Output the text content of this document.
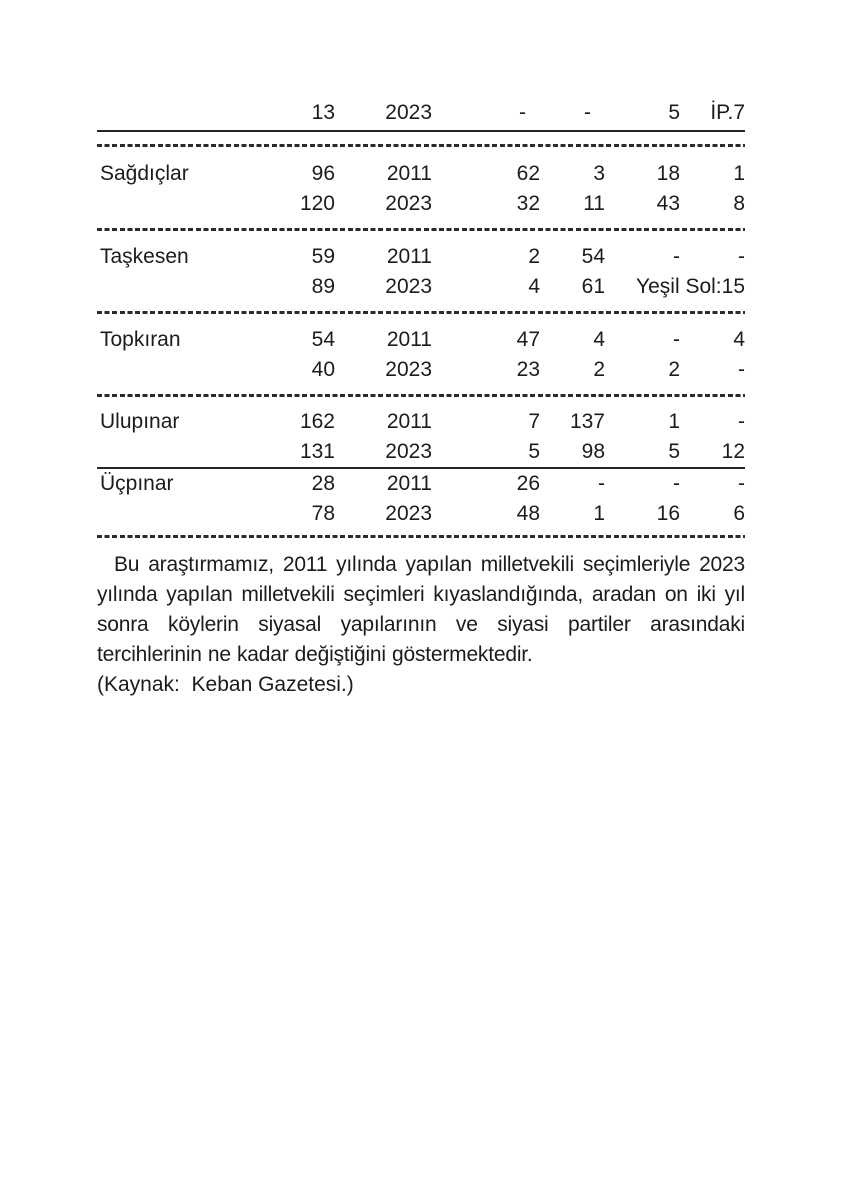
13	2023	-	-	5	İP.7
Sağdıçlar	96	2011	62	3	18	1
120	2023	32	11	43	8
Taşkesen	59	2011	2	54	-	-
89	2023	4	61	Yeşil Sol:15
Topkıran	54	2011	47	4	-	4
40	2023	23	2	2	-
Ulupınar	162	2011	7	137	1	-
131	2023	5	98	5	12
Üçpınar	28	2011	26	-	-	-
78	2023	48	1	16	6

Bu araştırmamız, 2011 yılında yapılan milletvekili seçimleriyle 2023 yılında yapılan milletvekili seçimleri kıyaslandığında, aradan on iki yıl sonra köylerin siyasal yapılarının ve siyasi partiler arasındaki tercihlerinin ne kadar değiştiğini göstermektedir.

(Kaynak:  Keban Gazetesi.)
